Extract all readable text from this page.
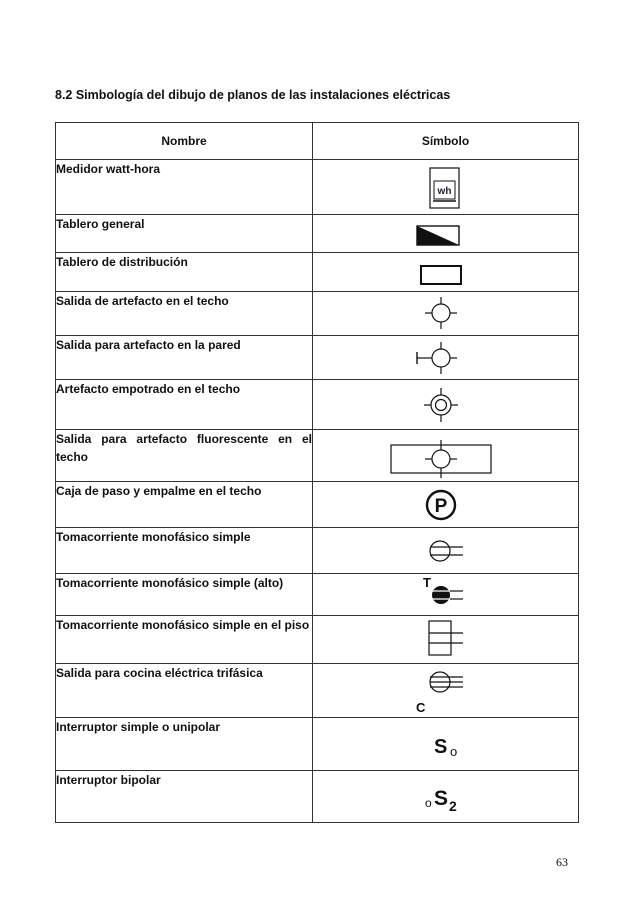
8.2 Simbología del dibujo de planos de las instalaciones eléctricas
Nombre	Símbolo
Medidor watt-hora	wh

Tablero general	

Tablero de distribución	

Salida de artefacto en el techo	

Salida para artefacto en la pared	

Artefacto empotrado en el techo	

Salida para artefacto fluorescente en el techo	

Caja de paso y empalme en el techo	P

Tomacorriente monofásico simple	

Tomacorriente monofásico simple (alto)	T

Tomacorriente monofásico simple en el piso	

Salida para cocina eléctrica trifásica	C

Interruptor simple o unipolar	S o

Interruptor bipolar	o S 2
63
